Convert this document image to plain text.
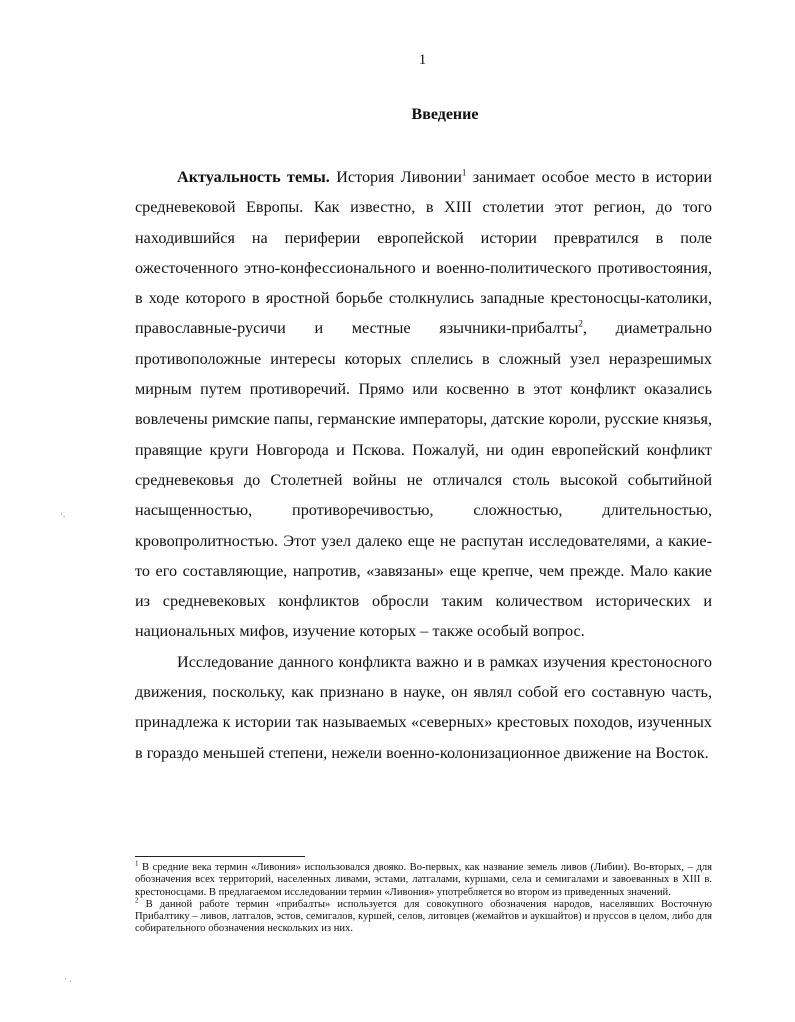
1
Введение

Актуальность темы. История Ливонии$^1$ занимает особое место в истории средневековой Европы. Как известно, в XIII столетии этот регион, до того находившийся на периферии европейской истории превратился в поле ожесточенного этно-конфессионального и военно-политического противостояния, в ходе которого в яростной борьбе столкнулись западные крестоносцы-католики, православные-русичи и местные язычники-прибалты$^2$, диаметрально противоположные интересы которых сплелись в сложный узел неразрешимых мирным путем противоречий. Прямо или косвенно в этот конфликт оказались вовлечены римские папы, германские императоры, датские короли, русские князья, правящие круги Новгорода и Пскова. Пожалуй, ни один европейский конфликт средневековья до Столетней войны не отличался столь высокой событийной насыщенностью, противоречивостью, сложностью, длительностью, кровопролитностью. Этот узел далеко еще не распутан исследователями, а какие-то его составляющие, напротив, «завязаны» еще крепче, чем прежде. Мало какие из средневековых конфликтов обросли таким количеством исторических и национальных мифов, изучение которых – также особый вопрос.

Исследование данного конфликта важно и в рамках изучения крестоносного движения, поскольку, как признано в науке, он являл собой его составную часть, принадлежа к истории так называемых «северных» крестовых походов, изученных в гораздо меньшей степени, нежели военно-колонизационное движение на Восток.

$^1$ В средние века термин «Ливония» использовался двояко. Во-первых, как название земель ливов (Либии). Во-вторых, – для обозначения всех территорий, населенных ливами, эстами, латгалами, куршами, села и семигалами и завоеванных в XIII в. крестоносцами. В предлагаемом исследовании термин «Ливония» употребляется во втором из приведенных значений.

$^2$ В данной работе термин «прибалты» используется для совокупного обозначения народов, населявших Восточную Прибалтику – ливов, латгалов, эстов, семигалов, куршей, селов, литовцев (жемайтов и аукшайтов) и пруссов в целом, либо для собирательного обозначения нескольких из них.

·.
· .
